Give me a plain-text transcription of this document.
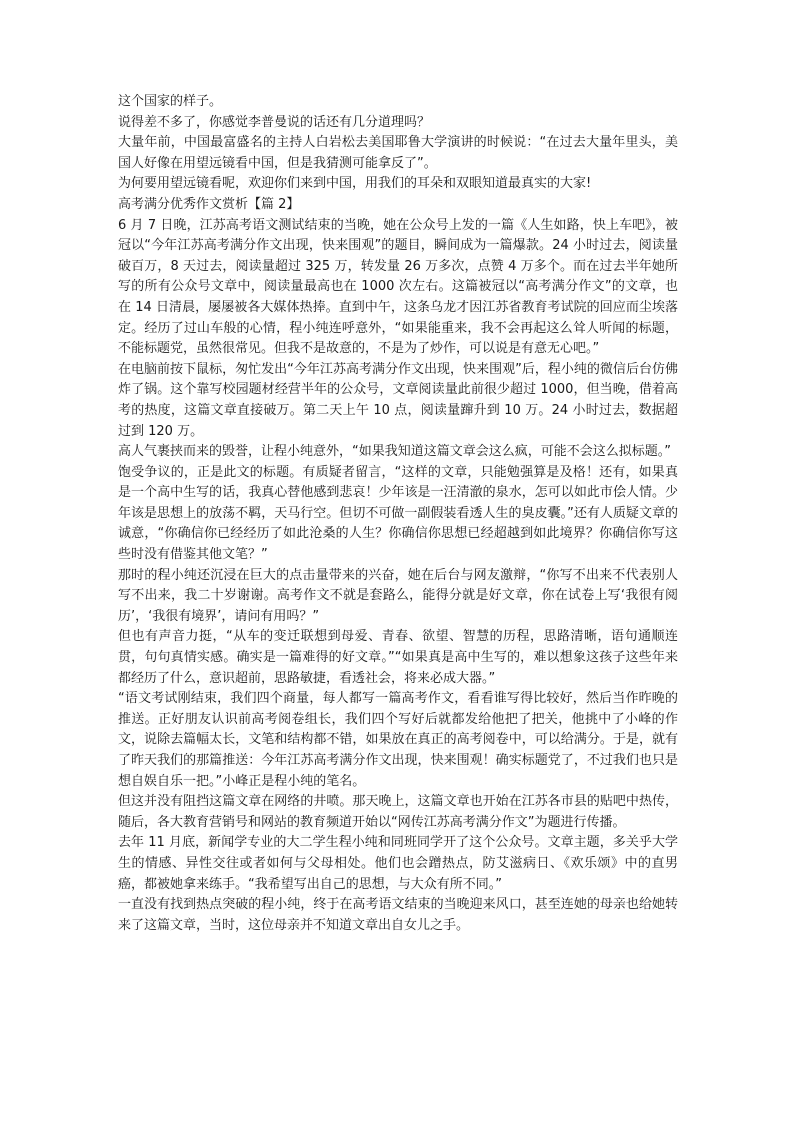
这个国家的样子。

说得差不多了，你感觉李普曼说的话还有几分道理吗？

大量年前，中国最富盛名的主持人白岩松去美国耶鲁大学演讲的时候说：“在过去大量年里头，美国人好像在用望远镜看中国，但是我猜测可能拿反了”。

为何要用望远镜看呢，欢迎你们来到中国，用我们的耳朵和双眼知道最真实的大家!

高考满分优秀作文赏析【篇 2】

6 月 7 日晚，江苏高考语文测试结束的当晚，她在公众号上发的一篇《人生如路，快上车吧》，被冠以“今年江苏高考满分作文出现，快来围观”的题目，瞬间成为一篇爆款。24 小时过去，阅读量破百万，8 天过去，阅读量超过 325 万，转发量 26 万多次，点赞 4 万多个。而在过去半年她所写的所有公众号文章中，阅读量最高也在 1000 次左右。这篇被冠以“高考满分作文”的文章，也在 14 日清晨，屡屡被各大媒体热捧。直到中午，这条乌龙才因江苏省教育考试院的回应而尘埃落定。经历了过山车般的心情，程小纯连呼意外，“如果能重来，我不会再起这么耸人听闻的标题，不能标题党，虽然很常见。但我不是故意的，不是为了炒作，可以说是有意无心吧。”

在电脑前按下鼠标，匆忙发出“今年江苏高考满分作文出现，快来围观”后，程小纯的微信后台仿佛炸了锅。这个靠写校园题材经营半年的公众号，文章阅读量此前很少超过 1000，但当晚，借着高考的热度，这篇文章直接破万。第二天上午 10 点，阅读量蹿升到 10 万。24 小时过去，数据超过到 120 万。

高人气裹挟而来的毁誉，让程小纯意外，“如果我知道这篇文章会这么疯，可能不会这么拟标题。”

饱受争议的，正是此文的标题。有质疑者留言，“这样的文章，只能勉强算是及格！还有，如果真是一个高中生写的话，我真心替他感到悲哀！少年该是一汪清澈的泉水，怎可以如此市侩人情。少年该是思想上的放荡不羁，天马行空。但切不可做一副假装看透人生的臭皮囊。”还有人质疑文章的诚意，“你确信你已经经历了如此沧桑的人生？你确信你思想已经超越到如此境界？你确信你写这些时没有借鉴其他文笔？”

那时的程小纯还沉浸在巨大的点击量带来的兴奋，她在后台与网友激辩，“你写不出来不代表别人写不出来，我二十岁谢谢。高考作文不就是套路么，能得分就是好文章，你在试卷上写‘我很有阅历’，‘我很有境界’，请问有用吗？”

但也有声音力挺，“从车的变迁联想到母爱、青春、欲望、智慧的历程，思路清晰，语句通顺连贯，句句真情实感。确实是一篇难得的好文章。”“如果真是高中生写的，难以想象这孩子这些年来都经历了什么，意识超前，思路敏捷，看透社会，将来必成大器。”

“语文考试刚结束，我们四个商量，每人都写一篇高考作文，看看谁写得比较好，然后当作昨晚的推送。正好朋友认识前高考阅卷组长，我们四个写好后就都发给他把了把关，他挑中了小峰的作文，说除去篇幅太长，文笔和结构都不错，如果放在真正的高考阅卷中，可以给满分。于是，就有了昨天我们的那篇推送：今年江苏高考满分作文出现，快来围观！确实标题党了，不过我们也只是想自娱自乐一把。”小峰正是程小纯的笔名。

但这并没有阻挡这篇文章在网络的井喷。那天晚上，这篇文章也开始在江苏各市县的贴吧中热传，随后，各大教育营销号和网站的教育频道开始以“网传江苏高考满分作文”为题进行传播。

去年 11 月底，新闻学专业的大二学生程小纯和同班同学开了这个公众号。文章主题，多关乎大学生的情感、异性交往或者如何与父母相处。他们也会蹭热点，防艾滋病日、《欢乐颂》中的直男癌，都被她拿来练手。“我希望写出自己的思想，与大众有所不同。”

一直没有找到热点突破的程小纯，终于在高考语文结束的当晚迎来风口，甚至连她的母亲也给她转来了这篇文章，当时，这位母亲并不知道文章出自女儿之手。
